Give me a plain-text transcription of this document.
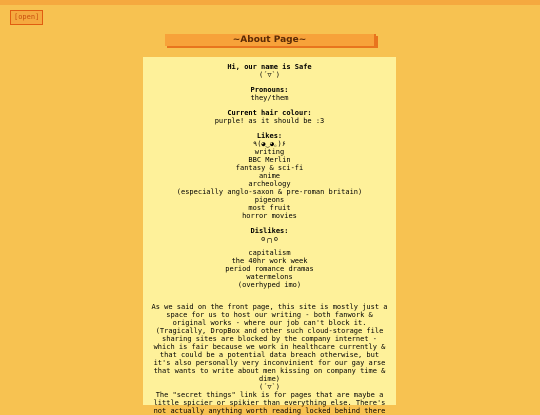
[open]
~About Page~
Hi, our name is Safe
(´▽`)
Pronouns:
they/them
Current hair colour:
purple! as it should be :3
Likes:
٩(◕‿◕｡)۶
writing
BBC Merlin
fantasy & sci-fi
anime
archeology
(especially anglo-saxon & pre-roman britain)
pigeons
most fruit
horror movies
Dislikes:
ʘ╭╮ʘ
capitalism
the 40hr work week
period romance dramas
watermelons
(overhyped imo)
As we said on the front page, this site is mostly just a space for us to host our writing - both fanwork & original works - where our job can't block it. (Tragically, DropBox and other such cloud-storage file sharing sites are blocked by the company internet - which is fair because we work in healthcare currently & that could be a potential data breach otherwise, but it's also personally very inconvinient for our gay arse that wants to write about men kissing on company time & dime)
(´▽`)
The "secret things" link is for pages that are maybe a little spicier or spikier than everything else. There's not actually anything worth reading locked behind there
